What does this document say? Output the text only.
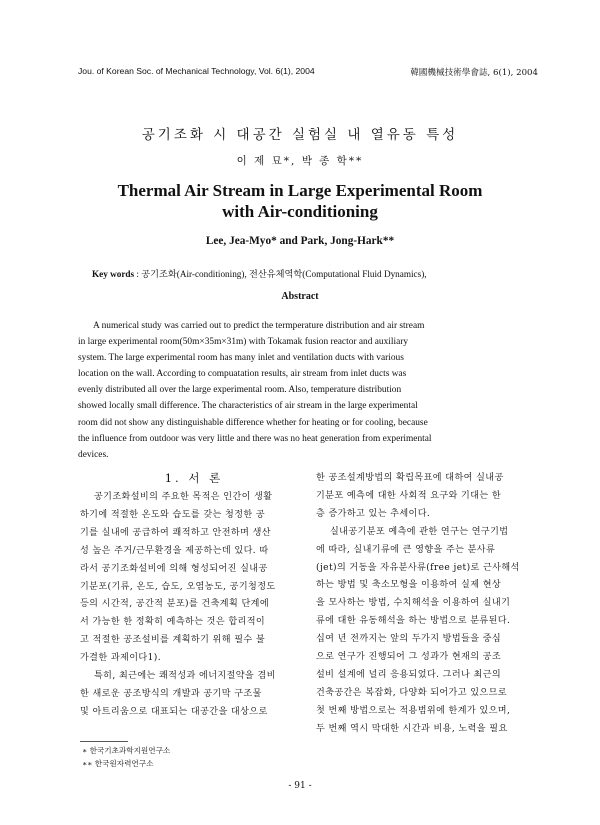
Jou. of Korean Soc. of Mechanical Technology, Vol. 6(1), 2004	韓國機械技術學會誌, 6(1), 2004
공기조화 시 대공간 실험실 내 열유동 특성
이 제 묘*, 박 종 학**
Thermal Air Stream in Large Experimental Room
with Air-conditioning
Lee, Jea-Myo* and Park, Jong-Hark**
Key words : 공기조화(Air-conditioning), 전산유체역학(Computational Fluid Dynamics),
Abstract
A numerical study was carried out to predict the termperature distribution and air stream
in large experimental room(50m×35m×31m) with Tokamak fusion reactor and auxiliary
system. The large experimental room has many inlet and ventilation ducts with various
location on the wall. According to compuatation results, air stream from inlet ducts was
evenly distributed all over the large experimental room. Also, temperature distribution
showed locally small difference. The characteristics of air stream in the large experimental
room did not show any distinguishable difference whether for heating or for cooling, because
the influence from outdoor was very little and there was no heat generation from experimental
devices.
1. 서 론
공기조화설비의 주요한 목적은 인간이 생활
하기에 적절한 온도와 습도를 갖는 청정한 공
기를 실내에 공급하여 쾌적하고 안전하며 생산
성 높은 주거/근무환경을 제공하는데 있다. 따
라서 공기조화설비에 의해 형성되어진 실내공
기분포(기류, 온도, 습도, 오염농도, 공기청정도
등의 시간적, 공간적 분포)를 건축계획 단계에
서 가능한 한 정확히 예측하는 것은 합리적이
고 적절한 공조설비를 계획하기 위해 필수 불
가결한 과제이다1).
특히, 최근에는 쾌적성과 에너지절약을 겸비
한 새로운 공조방식의 개발과 공기막 구조물
및 아트리움으로 대표되는 대공간을 대상으로
한 공조설계방법의 확립목표에 대하여 실내공
기분포 예측에 대한 사회적 요구와 기대는 한
층 증가하고 있는 추세이다.
실내공기분포 예측에 관한 연구는 연구기법
에 따라, 실내기류에 큰 영향을 주는 분사류
(jet)의 거동을 자유분사류(free jet)로 근사해석
하는 방법 및 축소모형을 이용하여 실제 현상
을 모사하는 방법, 수치해석을 이용하여 실내기
류에 대한 유동해석을 하는 방법으로 분류된다.
십여 년 전까지는 앞의 두가지 방법들을 중심
으로 연구가 진행되어 그 성과가 현재의 공조
설비 설계에 널리 응용되었다. 그러나 최근의
건축공간은 복잡화, 다양화 되어가고 있으므로
첫 번째 방법으로는 적용범위에 한계가 있으며,
두 번째 역시 막대한 시간과 비용, 노력을 필요
∗ 한국기초과학지원연구소
∗∗ 한국원자력연구소
- 91 -
